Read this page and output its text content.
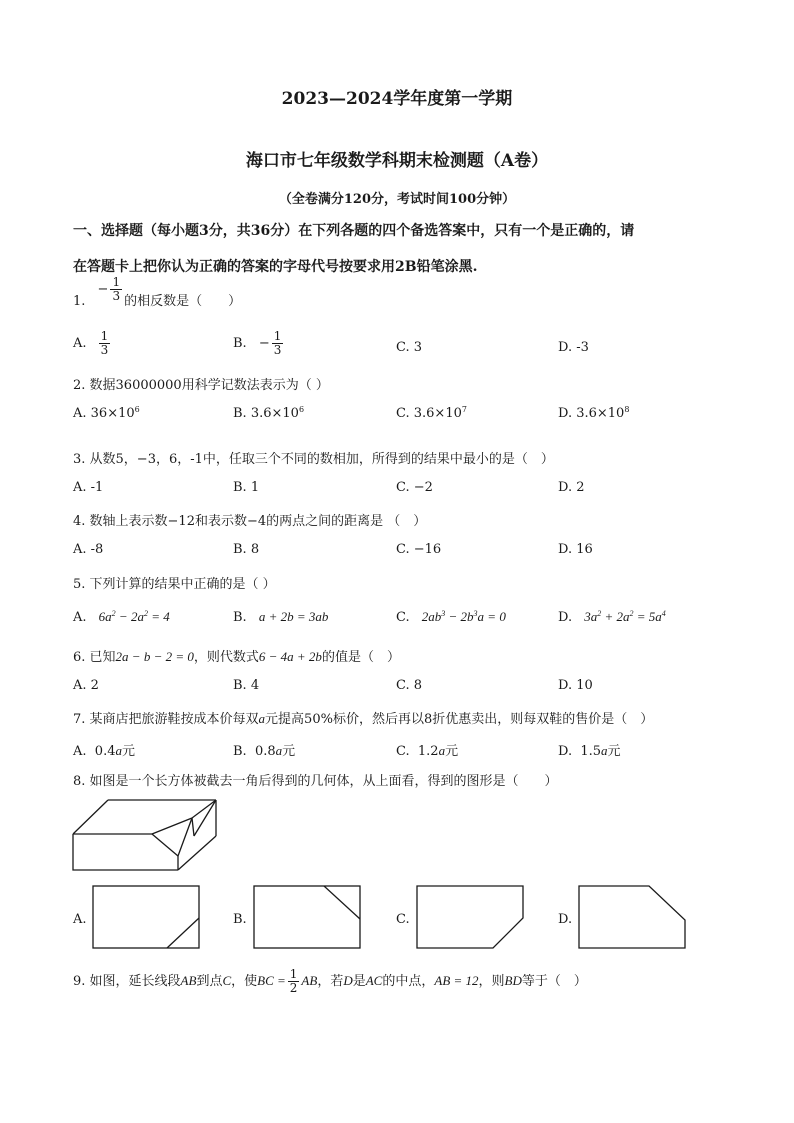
2023—2024学年度第一学期
海口市七年级数学科期末检测题（A卷）
（全卷满分120分，考试时间100分钟）
一、选择题（每小题3分，共36分）在下列各题的四个备选答案中，只有一个是正确的，请
在答题卡上把你认为正确的答案的字母代号按要求用2B铅笔涂黑.
1. − $\frac{1}{3}$ 的相反数是（　　）
A. $\frac{1}{3}$	B. − $\frac{1}{3}$	C. 3	D. -3
2. 数据36000000用科学记数法表示为（ ）
A. $36\times 10^6$	B. $3.6\times 10^6$	C. $3.6\times 10^7$	D. $3.6\times 10^8$
3. 从数5，−3，6，-1中，任取三个不同的数相加，所得到的结果中最小的是（　）
A. -1	B. 1	C. −2	D. 2
4. 数轴上表示数−12和表示数−4的两点之间的距离是 （　）
A. -8	B. 8	C. −16	D. 16
5. 下列计算的结果中正确的是（ ）
A. $6a^2 - 2a^2 = 4$	B. a + 2b = 3ab	C. $2ab^3 - 2b^3a = 0$	D. $3a^2 + 2a^2 = 5a^4$
6. 已知2a − b − 2 = 0，则代数式6 − 4a + 2b的值是（　）
A. 2	B. 4	C. 8	D. 10
7. 某商店把旅游鞋按成本价每双a元提高50%标价，然后再以8折优惠卖出，则每双鞋的售价是（　）
A. 0.4a元	B. 0.8a元	C. 1.2a元	D. 1.5a元
8. 如图是一个长方体被截去一角后得到的几何体，从上面看，得到的图形是（　　）
A.	B.	C.	D.
9. 如图，延长线段AB到点C，使BC = $\frac{1}{2}$ AB，若D是AC的中点，AB = 12，则BD等于（　）
